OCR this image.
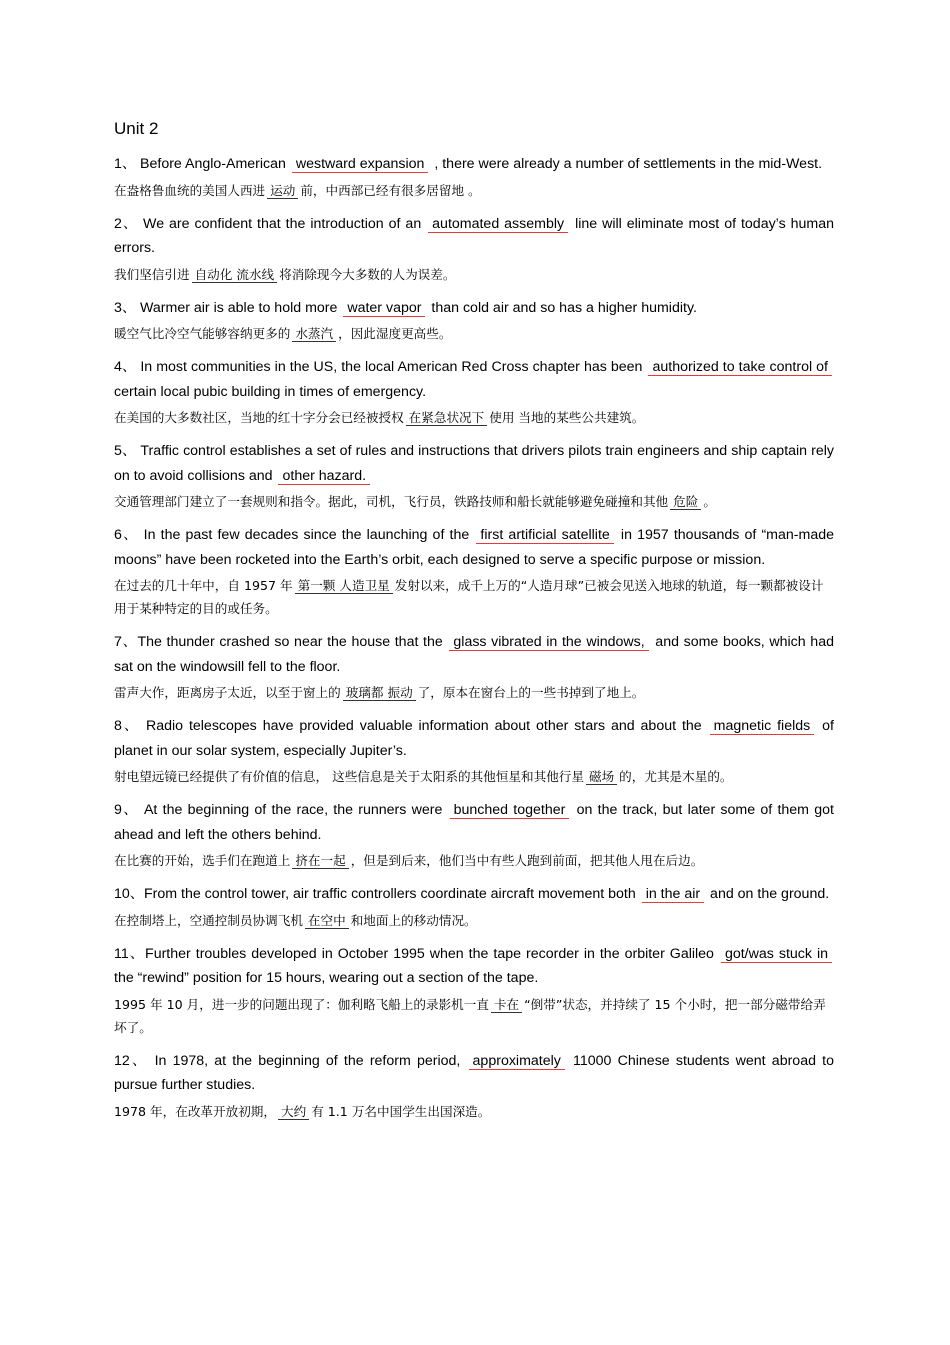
Unit 2
1、 Before Anglo-American westward expansion , there were already a number of settlements in the mid-West.
在盎格鲁血统的美国人西进 运动 前，中西部已经有很多居留地 。
2、 We are confident that the introduction of an automated assembly line will eliminate most of today’s human errors.
我们坚信引进 自动化 流水线 将消除现今大多数的人为误差。
3、 Warmer air is able to hold more water vapor than cold air and so has a higher humidity.
暖空气比冷空气能够容纳更多的 水蒸汽 ，因此湿度更高些。
4、 In most communities in the US, the local American Red Cross chapter has been authorized to take control of certain local pubic building in times of emergency.
在美国的大多数社区，当地的红十字分会已经被授权 在紧急状况下 使用 当地的某些公共建筑。
5、 Traffic control establishes a set of rules and instructions that drivers pilots train engineers and ship captain rely on to avoid collisions and other hazard.
交通管理部门建立了一套规则和指令。据此，司机，飞行员，铁路技师和船长就能够避免碰撞和其他 危险 。
6、 In the past few decades since the launching of the first artificial satellite in 1957 thousands of “man-made moons” have been rocketed into the Earth’s orbit, each designed to serve a specific purpose or mission.
在过去的几十年中，自 1957 年 第一颗 人造卫星 发射以来，成千上万的“人造月球”已被会见送入地球的轨道，每一颗都被设计用于某种特定的目的或任务。
7、The thunder crashed so near the house that the glass vibrated in the windows, and some books, which had sat on the windowsill fell to the floor.
雷声大作，距离房子太近，以至于窗上的 玻璃都 振动 了，原本在窗台上的一些书掉到了地上。
8、 Radio telescopes have provided valuable information about other stars and about the magnetic fields of planet in our solar system, especially Jupiter’s.
射电望远镜已经提供了有价值的信息， 这些信息是关于太阳系的其他恒星和其他行星 磁场 的，尤其是木星的。
9、 At the beginning of the race, the runners were bunched together on the track, but later some of them got ahead and left the others behind.
在比赛的开始，选手们在跑道上 挤在一起 ，但是到后来，他们当中有些人跑到前面，把其他人甩在后边。
10、From the control tower, air traffic controllers coordinate aircraft movement both in the air and on the ground.
在控制塔上，空通控制员协调飞机 在空中 和地面上的移动情况。
11、Further troubles developed in October 1995 when the tape recorder in the orbiter Galileo got/was stuck in the “rewind” position for 15 hours, wearing out a section of the tape.
1995 年 10 月，进一步的问题出现了：伽利略飞船上的录影机一直 卡在 “倒带”状态，并持续了 15 个小时，把一部分磁带给弄坏了。
12、 In 1978, at the beginning of the reform period, approximately 11000 Chinese students went abroad to pursue further studies.
1978 年，在改革开放初期， 大约 有 1.1 万名中国学生出国深造。
